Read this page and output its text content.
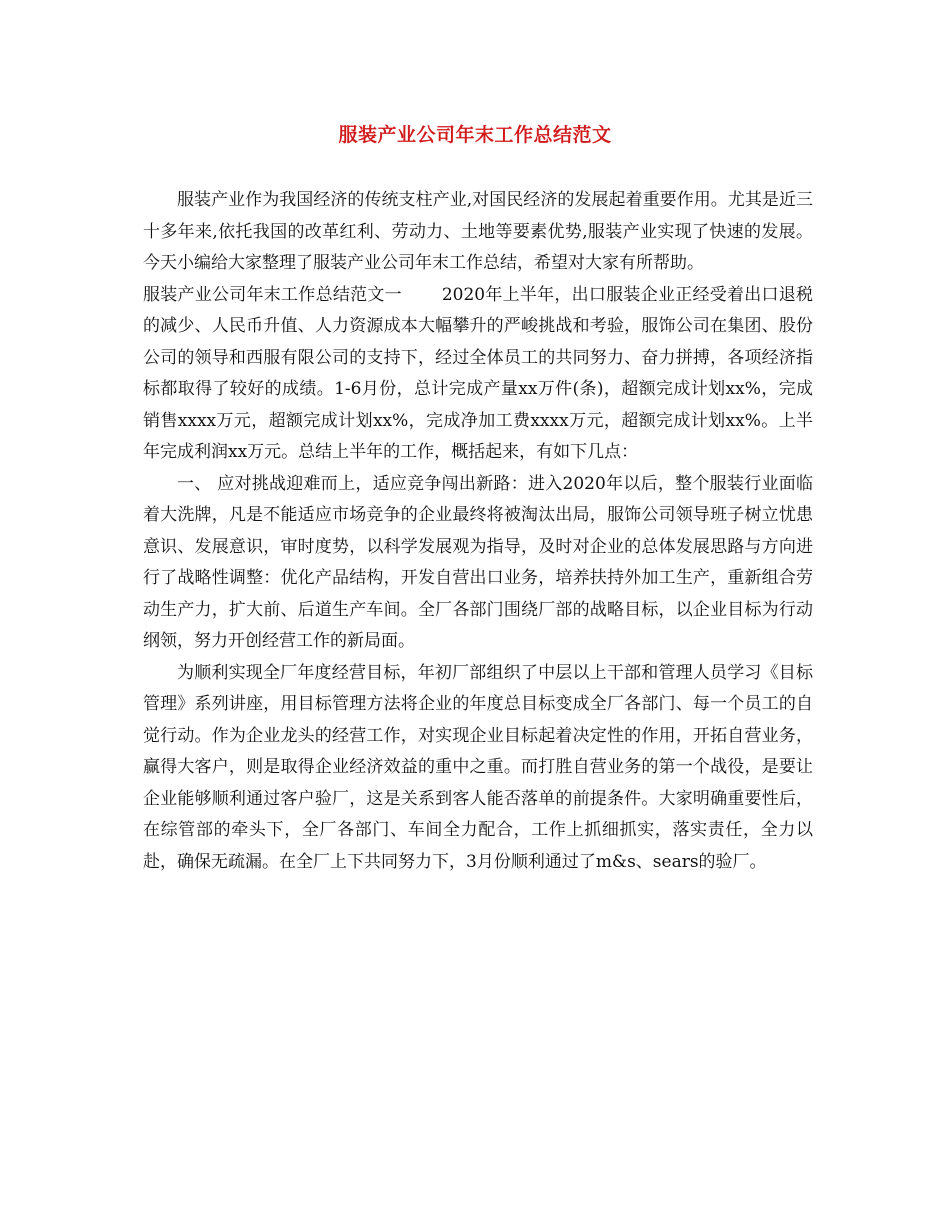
服装产业公司年末工作总结范文

服装产业作为我国经济的传统支柱产业,对国民经济的发展起着重要作用。尤其是近三十多年来,依托我国的改革红利、劳动力、土地等要素优势,服装产业实现了快速的发展。今天小编给大家整理了服装产业公司年末工作总结，希望对大家有所帮助。

服装产业公司年末工作总结范文一 2020年上半年，出口服装企业正经受着出口退税的减少、人民币升值、人力资源成本大幅攀升的严峻挑战和考验，服饰公司在集团、股份公司的领导和西服有限公司的支持下，经过全体员工的共同努力、奋力拼搏，各项经济指标都取得了较好的成绩。1-6月份，总计完成产量xx万件(条)，超额完成计划xx%，完成销售xxxx万元，超额完成计划xx%，完成净加工费xxxx万元，超额完成计划xx%。上半年完成利润xx万元。总结上半年的工作，概括起来，有如下几点：

一、 应对挑战迎难而上，适应竞争闯出新路：进入2020年以后，整个服装行业面临着大洗牌，凡是不能适应市场竞争的企业最终将被淘汰出局，服饰公司领导班子树立忧患意识、发展意识，审时度势，以科学发展观为指导，及时对企业的总体发展思路与方向进行了战略性调整：优化产品结构，开发自营出口业务，培养扶持外加工生产，重新组合劳动生产力，扩大前、后道生产车间。全厂各部门围绕厂部的战略目标，以企业目标为行动纲领，努力开创经营工作的新局面。

为顺利实现全厂年度经营目标，年初厂部组织了中层以上干部和管理人员学习《目标管理》系列讲座，用目标管理方法将企业的年度总目标变成全厂各部门、每一个员工的自觉行动。作为企业龙头的经营工作，对实现企业目标起着决定性的作用，开拓自营业务，赢得大客户，则是取得企业经济效益的重中之重。而打胜自营业务的第一个战役，是要让企业能够顺利通过客户验厂，这是关系到客人能否落单的前提条件。大家明确重要性后，在综管部的牵头下，全厂各部门、车间全力配合，工作上抓细抓实，落实责任，全力以赴，确保无疏漏。在全厂上下共同努力下，3月份顺利通过了m&s、sears的验厂。
